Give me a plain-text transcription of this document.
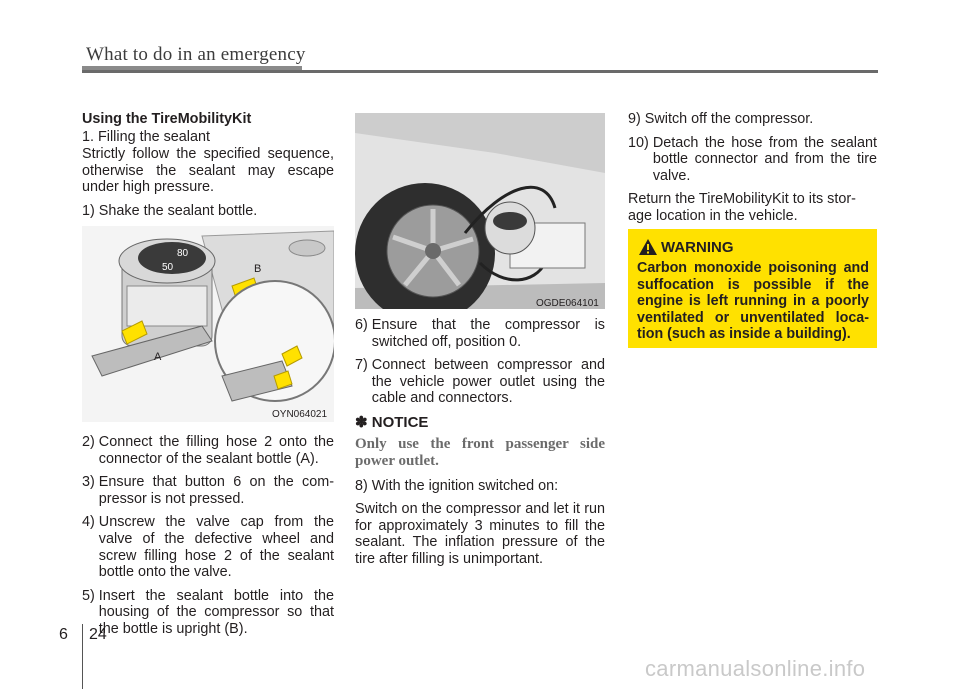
What to do in an emergency

Using the TireMobilityKit

1. Filling the sealant

Strictly follow the specified sequence, otherwise the sealant may escape under high pressure.

1) Shake the sealant bottle.
80
50
A
B
OYN064021
2) Connect the filling hose 2 onto the connector of the sealant bottle (A).
3) Ensure that button 6 on the com-pressor is not pressed.
4) Unscrew the valve cap from the valve of the defective wheel and screw filling hose 2 of the sealant bottle onto the valve.
5) Insert the sealant bottle into the housing of the compressor so that the bottle is upright (B).
OGDE064101
6) Ensure that the compressor is switched off, position 0.
7) Connect between compressor and the vehicle power outlet using the cable and connectors.
✽ NOTICE

Only use the front passenger side power outlet.

8) With the ignition switched on:

Switch on the compressor and let it run for approximately 3 minutes to fill the sealant. The inflation pressure of the tire after filling is unimportant.

9) Switch off the compressor.
10) Detach the hose from the sealant bottle connector and from the tire valve.

Return the TireMobilityKit to its stor-age location in the vehicle.

WARNING
Carbon monoxide poisoning and suffocation is possible if the engine is left running in a poorly ventilated or unventilated loca-tion (such as inside a building).
6 24
carmanualsonline.info
